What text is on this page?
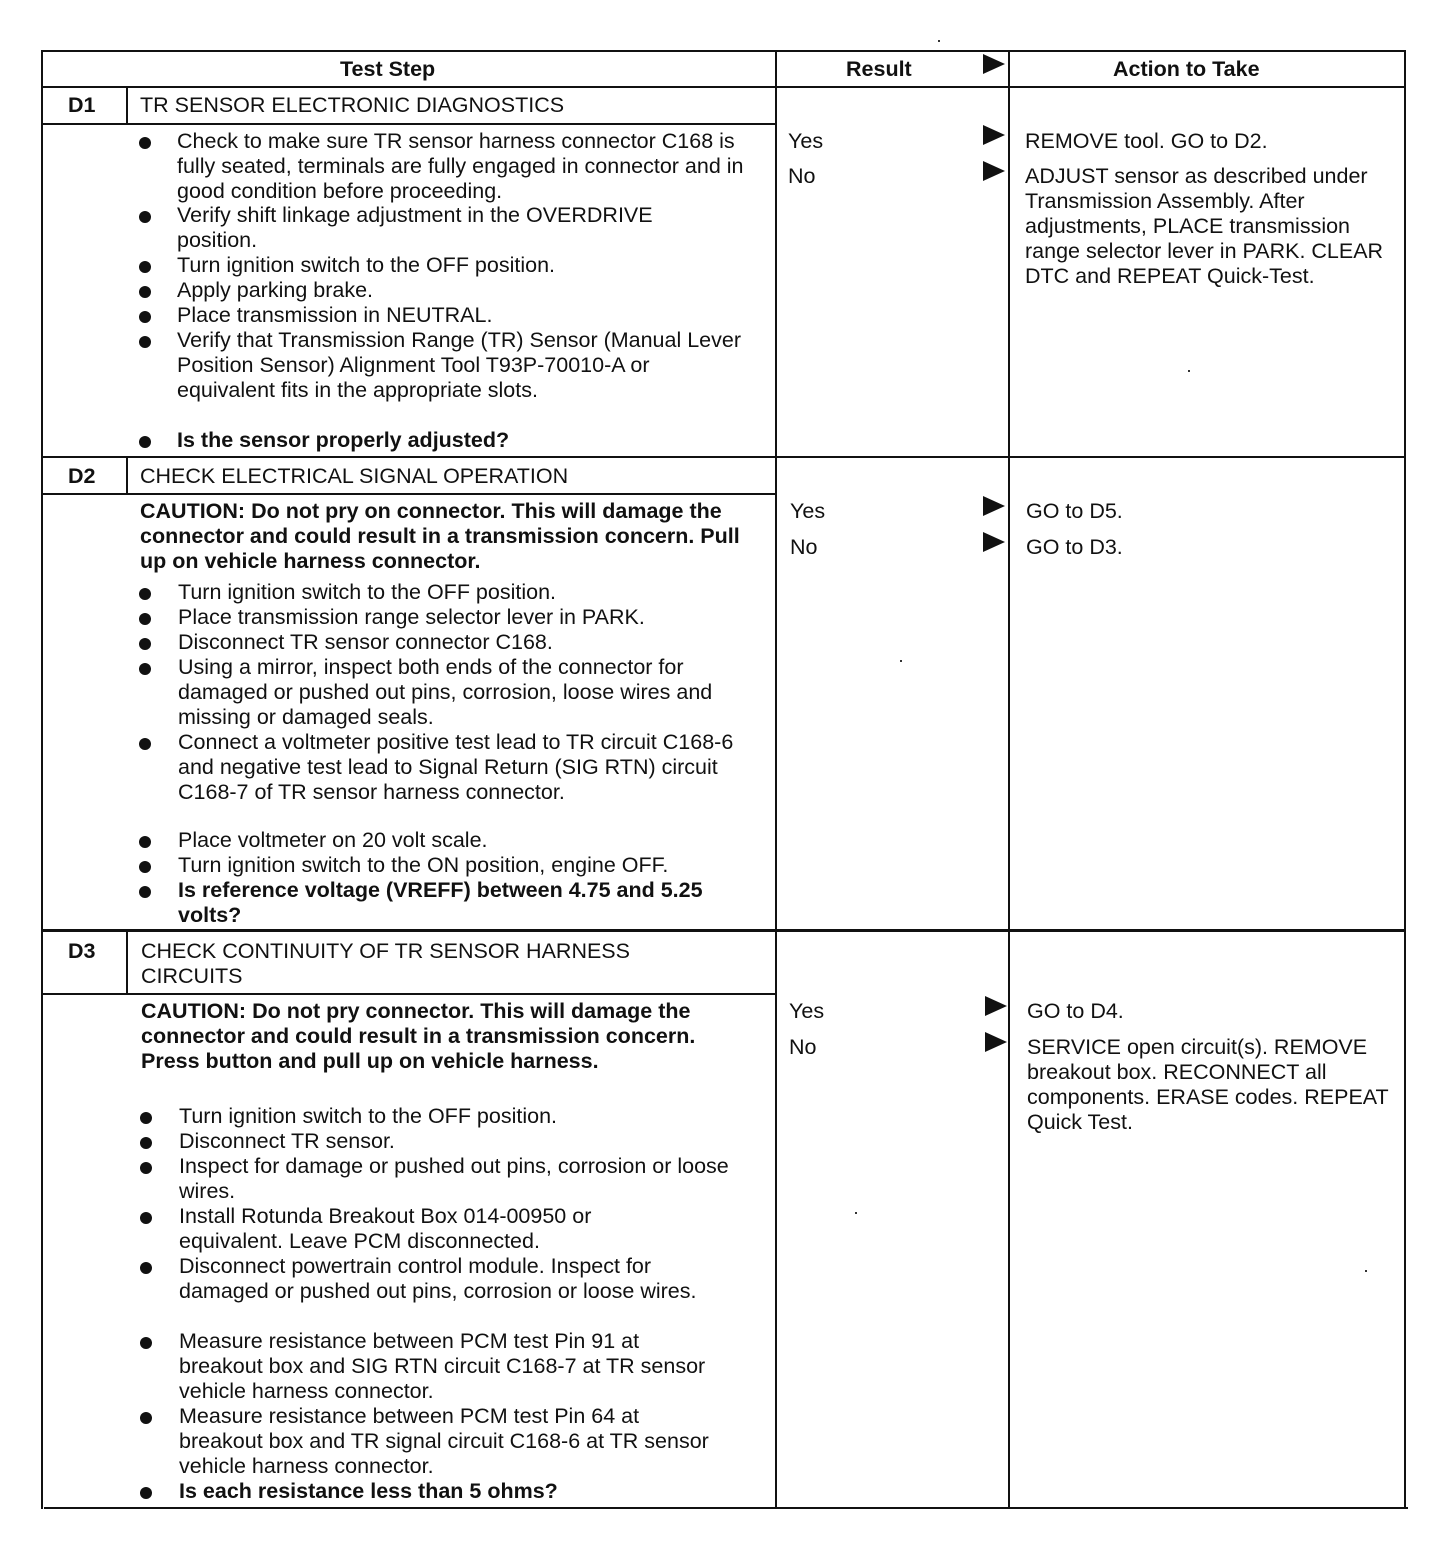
Test Step	Result	Action to Take
D1 TR SENSOR ELECTRONIC DIAGNOSTICS
Check to make sure TR sensor harness connector C168 is fully seated, terminals are fully engaged in connector and in good condition before proceeding.
Verify shift linkage adjustment in the OVERDRIVE position.
Turn ignition switch to the OFF position.
Apply parking brake.
Place transmission in NEUTRAL.
Verify that Transmission Range (TR) Sensor (Manual Lever Position Sensor) Alignment Tool T93P-70010-A or equivalent fits in the appropriate slots.
Is the sensor properly adjusted?
Yes	REMOVE tool. GO to D2.
No	ADJUST sensor as described under Transmission Assembly. After adjustments, PLACE transmission range selector lever in PARK. CLEAR DTC and REPEAT Quick-Test.
D2 CHECK ELECTRICAL SIGNAL OPERATION
CAUTION: Do not pry on connector. This will damage the connector and could result in a transmission concern. Pull up on vehicle harness connector.
Turn ignition switch to the OFF position.
Place transmission range selector lever in PARK.
Disconnect TR sensor connector C168.
Using a mirror, inspect both ends of the connector for damaged or pushed out pins, corrosion, loose wires and missing or damaged seals.
Connect a voltmeter positive test lead to TR circuit C168-6 and negative test lead to Signal Return (SIG RTN) circuit C168-7 of TR sensor harness connector.
Place voltmeter on 20 volt scale.
Turn ignition switch to the ON position, engine OFF.
Is reference voltage (VREFF) between 4.75 and 5.25 volts?
Yes	GO to D5.
No	GO to D3.
D3 CHECK CONTINUITY OF TR SENSOR HARNESS CIRCUITS
CAUTION: Do not pry connector. This will damage the connector and could result in a transmission concern. Press button and pull up on vehicle harness.
Turn ignition switch to the OFF position.
Disconnect TR sensor.
Inspect for damage or pushed out pins, corrosion or loose wires.
Install Rotunda Breakout Box 014-00950 or equivalent. Leave PCM disconnected.
Disconnect powertrain control module. Inspect for damaged or pushed out pins, corrosion or loose wires.
Measure resistance between PCM test Pin 91 at breakout box and SIG RTN circuit C168-7 at TR sensor vehicle harness connector.
Measure resistance between PCM test Pin 64 at breakout box and TR signal circuit C168-6 at TR sensor vehicle harness connector.
Is each resistance less than 5 ohms?
Yes	GO to D4.
No	SERVICE open circuit(s). REMOVE breakout box. RECONNECT all components. ERASE codes. REPEAT Quick Test.
